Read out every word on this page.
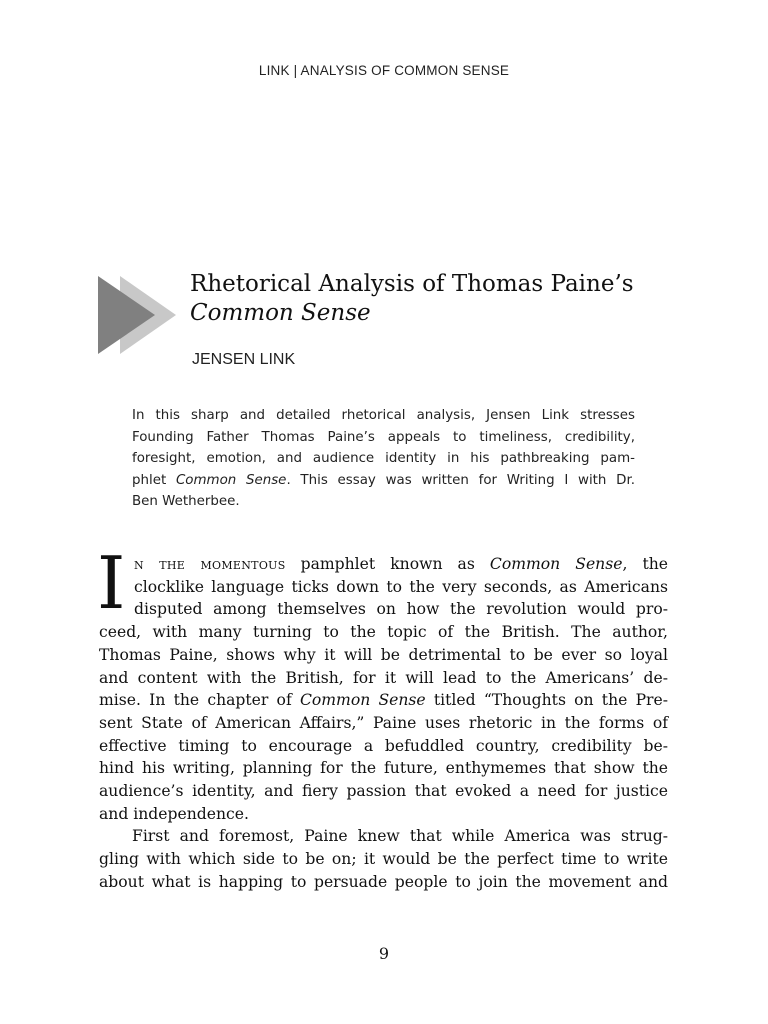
LINK | ANALYSIS OF COMMON SENSE
Rhetorical Analysis of Thomas Paine’s
Common Sense
JENSEN LINK
In this sharp and detailed rhetorical analysis, Jensen Link stresses
Founding Father Thomas Paine’s appeals to timeliness, credibility,
foresight, emotion, and audience identity in his pathbreaking pam-
phlet Common Sense. This essay was written for Writing I with Dr.
Ben Wetherbee.
I n the momentous pamphlet known as Common Sense, the
clocklike language ticks down to the very seconds, as Americans
disputed among themselves on how the revolution would pro-
ceed, with many turning to the topic of the British. The author,
Thomas Paine, shows why it will be detrimental to be ever so loyal
and content with the British, for it will lead to the Americans’ de-
mise. In the chapter of Common Sense titled “Thoughts on the Pre-
sent State of American Affairs,” Paine uses rhetoric in the forms of
effective timing to encourage a befuddled country, credibility be-
hind his writing, planning for the future, enthymemes that show the
audience’s identity, and fiery passion that evoked a need for justice
and independence.
First and foremost, Paine knew that while America was strug-
gling with which side to be on; it would be the perfect time to write
about what is happing to persuade people to join the movement and
9
